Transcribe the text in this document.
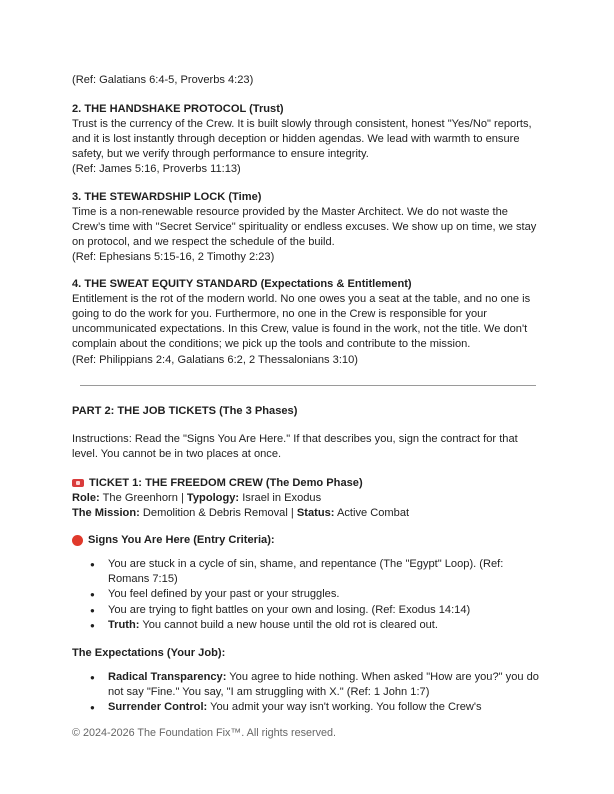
(Ref: Galatians 6:4-5, Proverbs 4:23)

2. THE HANDSHAKE PROTOCOL (Trust)

Trust is the currency of the Crew. It is built slowly through consistent, honest "Yes/No" reports,

and it is lost instantly through deception or hidden agendas. We lead with warmth to ensure

safety, but we verify through performance to ensure integrity.

(Ref: James 5:16, Proverbs 11:13)

3. THE STEWARDSHIP LOCK (Time)

Time is a non-renewable resource provided by the Master Architect. We do not waste the

Crew’s time with "Secret Service" spirituality or endless excuses. We show up on time, we stay

on protocol, and we respect the schedule of the build.

(Ref: Ephesians 5:15-16, 2 Timothy 2:23)

4. THE SWEAT EQUITY STANDARD (Expectations & Entitlement)

Entitlement is the rot of the modern world. No one owes you a seat at the table, and no one is

going to do the work for you. Furthermore, no one in the Crew is responsible for your

uncommunicated expectations. In this Crew, value is found in the work, not the title. We don't

complain about the conditions; we pick up the tools and contribute to the mission.

(Ref: Philippians 2:4, Galatians 6:2, 2 Thessalonians 3:10)

PART 2: THE JOB TICKETS (The 3 Phases)

Instructions: Read the "Signs You Are Here." If that describes you, sign the contract for that

level. You cannot be in two places at once.

TICKET 1: THE FREEDOM CREW (The Demo Phase)

Role: The Greenhorn | Typology: Israel in Exodus

The Mission: Demolition & Debris Removal | Status: Active Combat

Signs You Are Here (Entry Criteria):

● You are stuck in a cycle of sin, shame, and repentance (The "Egypt" Loop). (Ref:
Romans 7:15)
● You feel defined by your past or your struggles.
● You are trying to fight battles on your own and losing. (Ref: Exodus 14:14)
● Truth: You cannot build a new house until the old rot is cleared out.

The Expectations (Your Job):

● Radical Transparency: You agree to hide nothing. When asked "How are you?" you do
not say "Fine." You say, "I am struggling with X." (Ref: 1 John 1:7)
● Surrender Control: You admit your way isn't working. You follow the Crew's

© 2024-2026 The Foundation Fix™. All rights reserved.
